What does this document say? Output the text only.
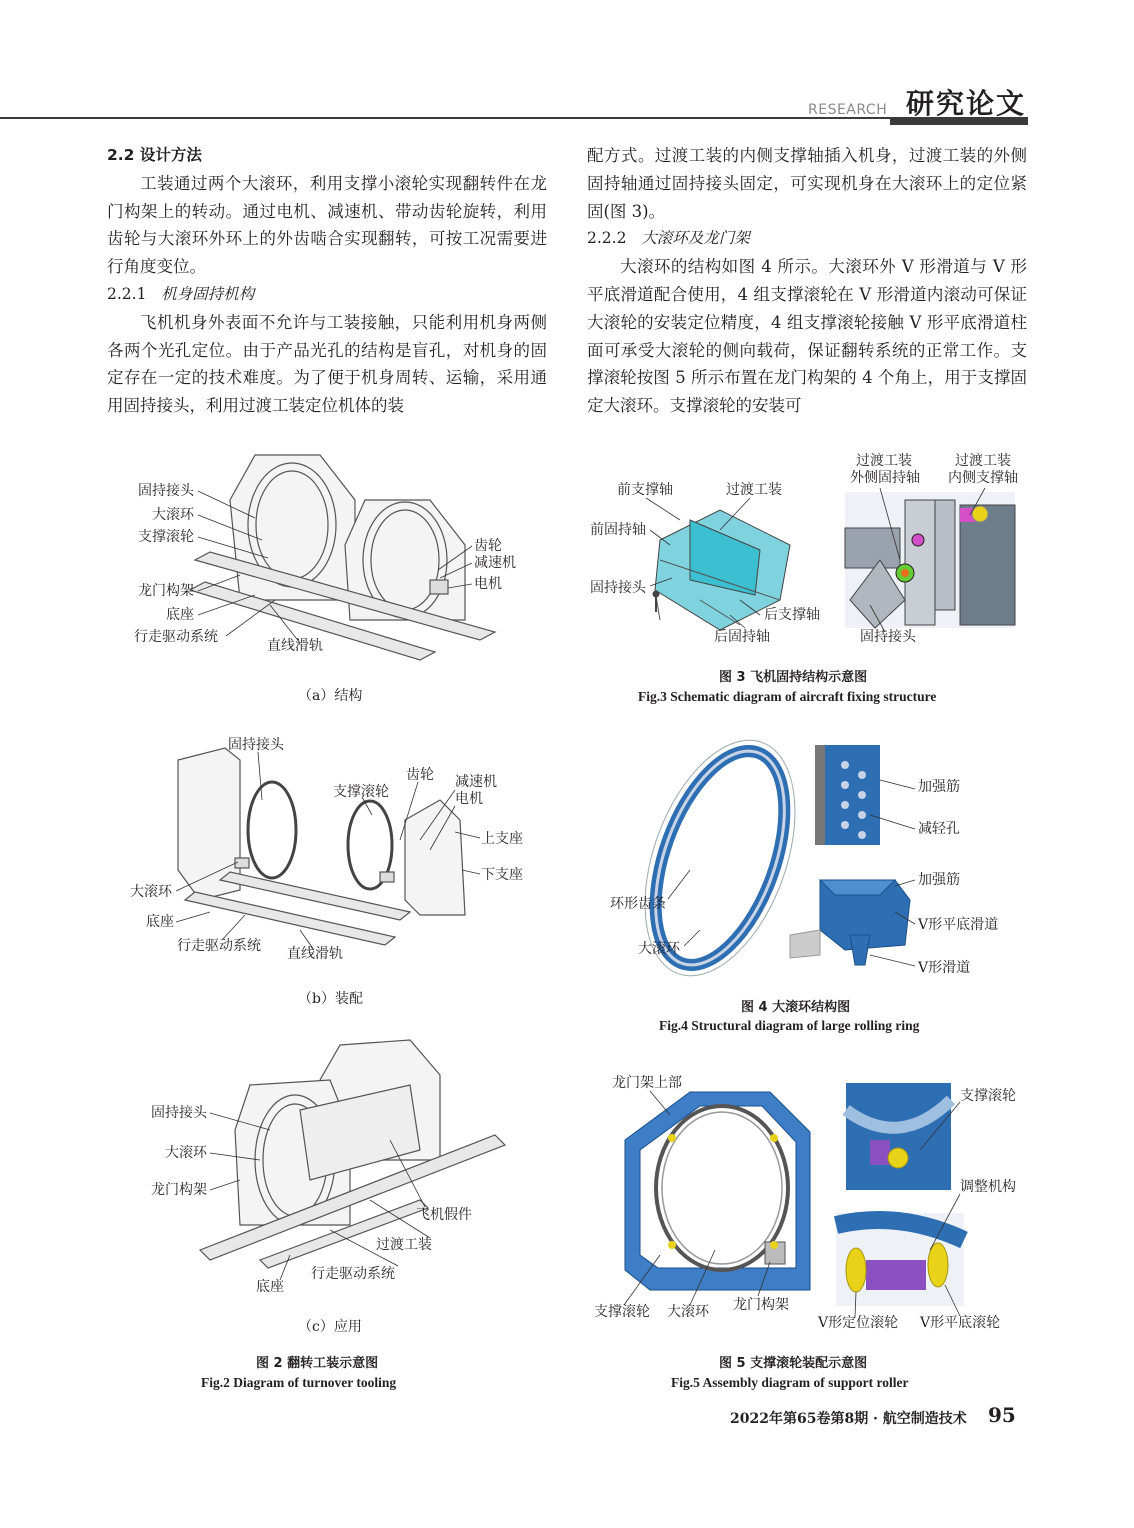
RESEARCH 研究论文

2.2 设计方法

工装通过两个大滚环，利用支撑小滚轮实现翻转件在龙门构架上的转动。通过电机、减速机、带动齿轮旋转，利用齿轮与大滚环外环上的外齿啮合实现翻转，可按工况需要进行角度变位。

2.2.1 机身固持机构

飞机机身外表面不允许与工装接触，只能利用机身两侧各两个光孔定位。由于产品光孔的结构是盲孔，对机身的固定存在一定的技术难度。为了便于机身周转、运输，采用通用固持接头，利用过渡工装定位机体的装

配方式。过渡工装的内侧支撑轴插入机身，过渡工装的外侧固持轴通过固持接头固定，可实现机身在大滚环上的定位紧固(图 3)。

2.2.2 大滚环及龙门架

大滚环的结构如图 4 所示。大滚环外 V 形滑道与 V 形平底滑道配合使用，4 组支撑滚轮在 V 形滑道内滚动可保证大滚轮的安装定位精度，4 组支撑滚轮接触 V 形平底滑道柱面可承受大滚轮的侧向载荷，保证翻转系统的正常工作。支撑滚轮按图 5 所示布置在龙门构架的 4 个角上，用于支撑固定大滚环。支撑滚轮的安装可

固持接头
大滚环
支撑滚轮
龙门构架
底座
行走驱动系统
直线滑轨
齿轮
减速机
电机
（a）结构
固持接头
支撑滚轮
齿轮 减速机
电机
上支座
下支座
大滚环
底座
行走驱动系统 直线滑轨
（b）装配
固持接头
大滚环
龙门构架
飞机假件
过渡工装
行走驱动系统
底座
（c）应用
图 2 翻转工装示意图
Fig.2 Diagram of turnover tooling
前支撑轴	过渡工装
前固持轴
固持接头
后支撑轴
后固持轴
过渡工装
外侧固持轴
过渡工装
内侧支撑轴
固持接头
图 3 飞机固持结构示意图
Fig.3 Schematic diagram of aircraft fixing structure
环形齿条
大滚环
加强筋
减轻孔
加强筋
V形平底滑道
V形滑道
图 4 大滚环结构图
Fig.4 Structural diagram of large rolling ring
龙门架上部
支撑滚轮 大滚环 龙门构架
支撑滚轮
调整机构
V形定位滚轮 V形平底滚轮
图 5 支撑滚轮装配示意图
Fig.5 Assembly diagram of support roller
2022年第65卷第8期 · 航空制造技术 95
